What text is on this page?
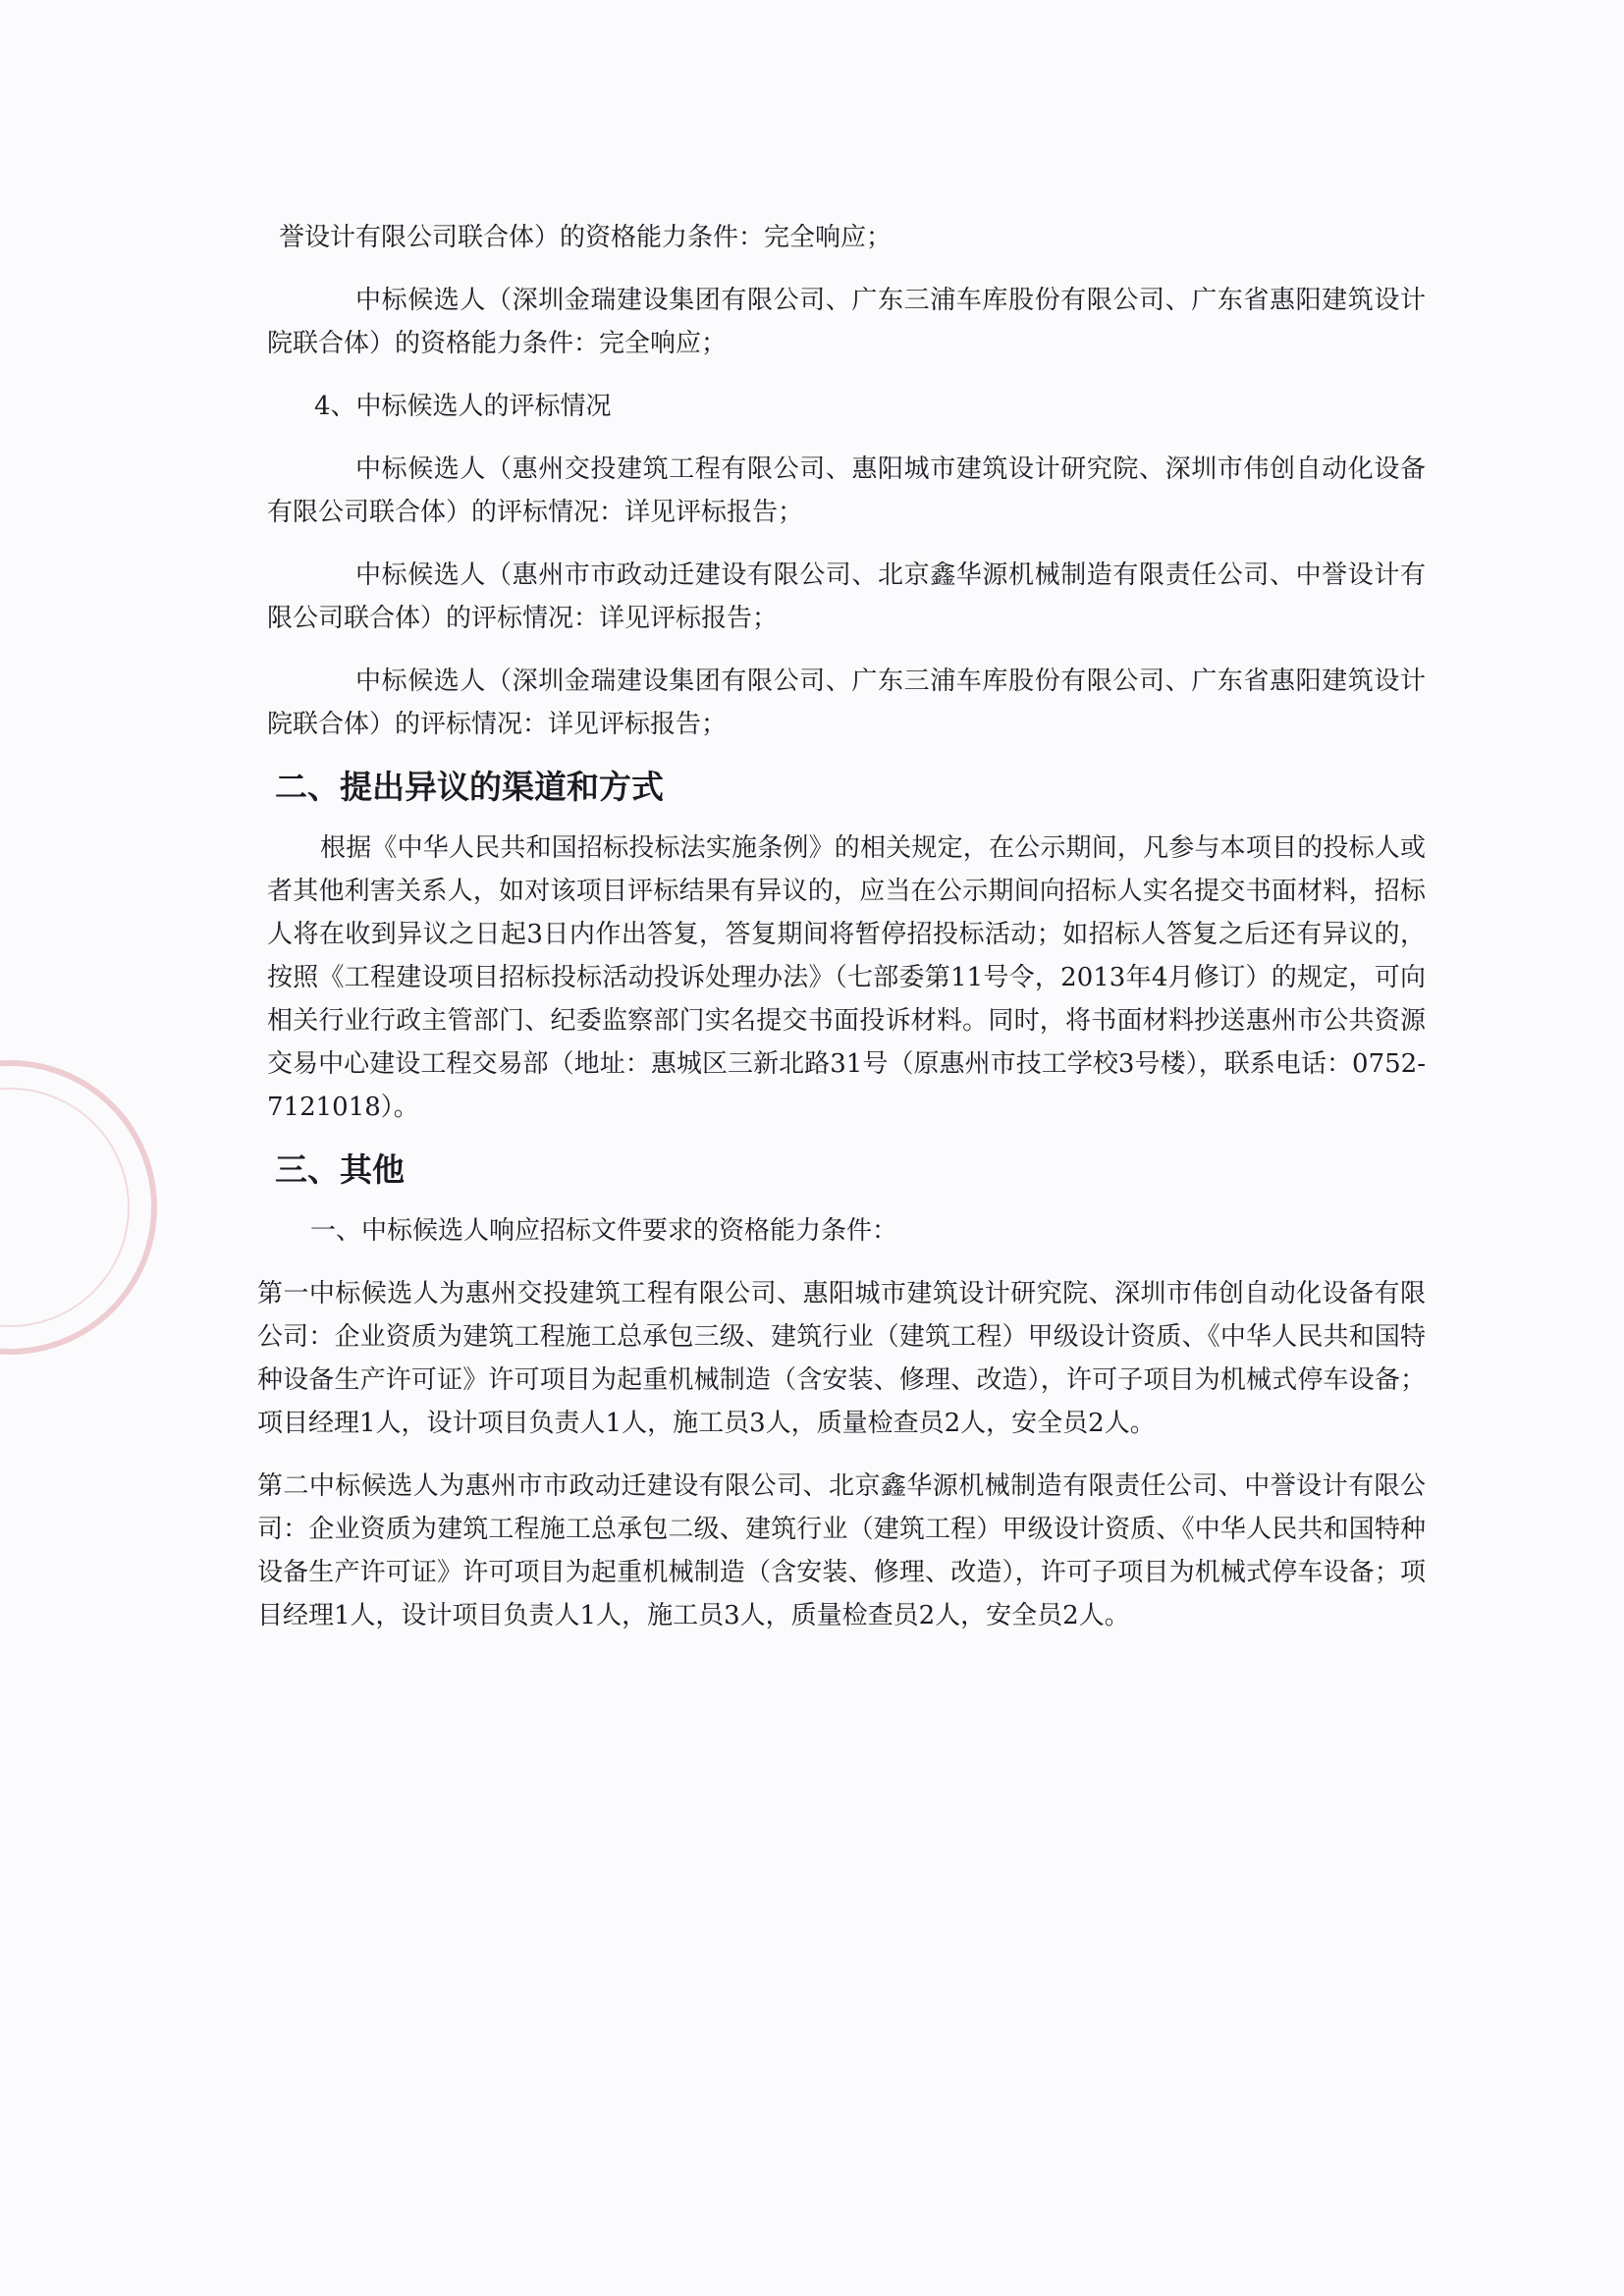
誉设计有限公司联合体）的资格能力条件：完全响应；

中标候选人（深圳金瑞建设集团有限公司、广东三浦车库股份有限公司、广东省惠阳建筑设计院联合体）的资格能力条件：完全响应；

4、中标候选人的评标情况

中标候选人（惠州交投建筑工程有限公司、惠阳城市建筑设计研究院、深圳市伟创自动化设备有限公司联合体）的评标情况：详见评标报告；

中标候选人（惠州市市政动迁建设有限公司、北京鑫华源机械制造有限责任公司、中誉设计有限公司联合体）的评标情况：详见评标报告；

中标候选人（深圳金瑞建设集团有限公司、广东三浦车库股份有限公司、广东省惠阳建筑设计院联合体）的评标情况：详见评标报告；

二、提出异议的渠道和方式

根据《中华人民共和国招标投标法实施条例》的相关规定，在公示期间，凡参与本项目的投标人或者其他利害关系人，如对该项目评标结果有异议的，应当在公示期间向招标人实名提交书面材料，招标人将在收到异议之日起3日内作出答复，答复期间将暂停招投标活动；如招标人答复之后还有异议的，按照《工程建设项目招标投标活动投诉处理办法》（七部委第11号令，2013年4月修订）的规定，可向相关行业行政主管部门、纪委监察部门实名提交书面投诉材料。同时，将书面材料抄送惠州市公共资源交易中心建设工程交易部（地址：惠城区三新北路31号（原惠州市技工学校3号楼），联系电话：0752-7121018）。

三、其他

一、中标候选人响应招标文件要求的资格能力条件：

第一中标候选人为惠州交投建筑工程有限公司、惠阳城市建筑设计研究院、深圳市伟创自动化设备有限公司：企业资质为建筑工程施工总承包三级、建筑行业（建筑工程）甲级设计资质、《中华人民共和国特种设备生产许可证》许可项目为起重机械制造（含安装、修理、改造），许可子项目为机械式停车设备；项目经理1人，设计项目负责人1人，施工员3人，质量检查员2人，安全员2人。

第二中标候选人为惠州市市政动迁建设有限公司、北京鑫华源机械制造有限责任公司、中誉设计有限公司：企业资质为建筑工程施工总承包二级、建筑行业（建筑工程）甲级设计资质、《中华人民共和国特种设备生产许可证》许可项目为起重机械制造（含安装、修理、改造），许可子项目为机械式停车设备；项目经理1人，设计项目负责人1人，施工员3人，质量检查员2人，安全员2人。
